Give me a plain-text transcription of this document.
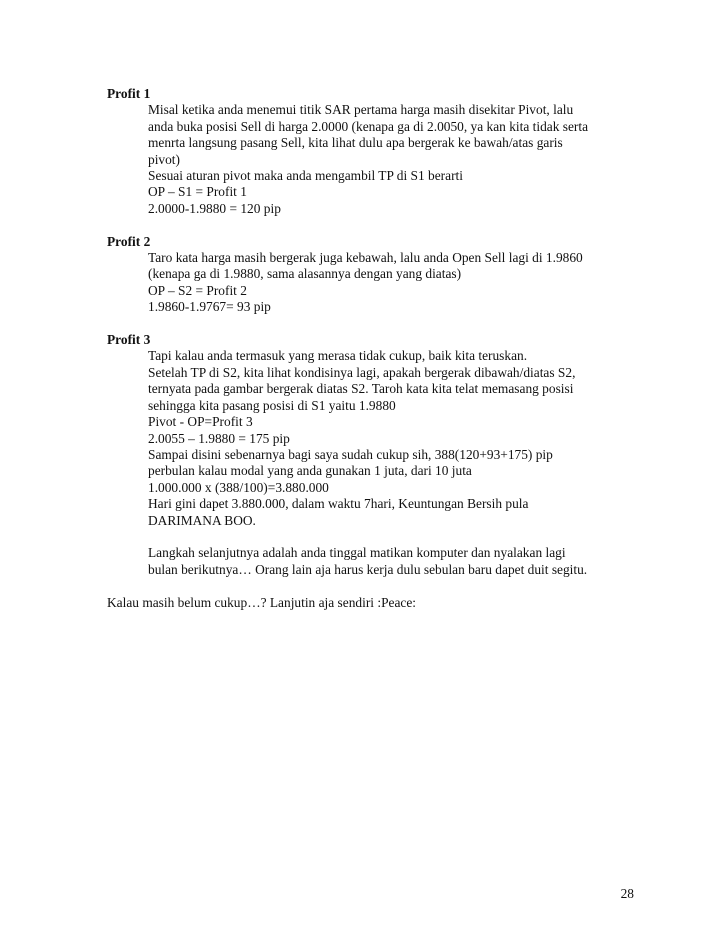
Profit 1
Misal ketika anda menemui titik SAR pertama harga masih disekitar Pivot, lalu
anda buka posisi Sell di harga 2.0000 (kenapa ga di 2.0050, ya kan kita tidak serta
menrta langsung pasang Sell, kita lihat dulu apa bergerak ke bawah/atas garis
pivot)
Sesuai aturan pivot maka anda mengambil TP di S1 berarti
OP – S1 = Profit 1
2.0000-1.9880 = 120 pip
Profit 2
Taro kata harga masih bergerak juga kebawah, lalu anda Open Sell lagi di 1.9860
(kenapa ga di 1.9880, sama alasannya dengan yang diatas)
OP – S2 = Profit 2
1.9860-1.9767= 93 pip
Profit 3
Tapi kalau anda termasuk yang merasa tidak cukup, baik kita teruskan.
Setelah TP di S2, kita lihat kondisinya lagi, apakah bergerak dibawah/diatas S2,
ternyata pada gambar bergerak diatas S2. Taroh kata kita telat memasang posisi
sehingga kita pasang posisi di S1 yaitu 1.9880
Pivot - OP=Profit 3
2.0055 – 1.9880 = 175 pip
Sampai disini sebenarnya bagi saya sudah cukup sih, 388(120+93+175) pip
perbulan kalau modal yang anda gunakan 1 juta, dari 10 juta
1.000.000 x (388/100)=3.880.000
Hari gini dapet 3.880.000, dalam waktu 7hari, Keuntungan Bersih pula
DARIMANA BOO.
Langkah selanjutnya adalah anda tinggal matikan komputer dan nyalakan lagi
bulan berikutnya… Orang lain aja harus kerja dulu sebulan baru dapet duit segitu.
Kalau masih belum cukup…? Lanjutin aja sendiri :Peace:
28
